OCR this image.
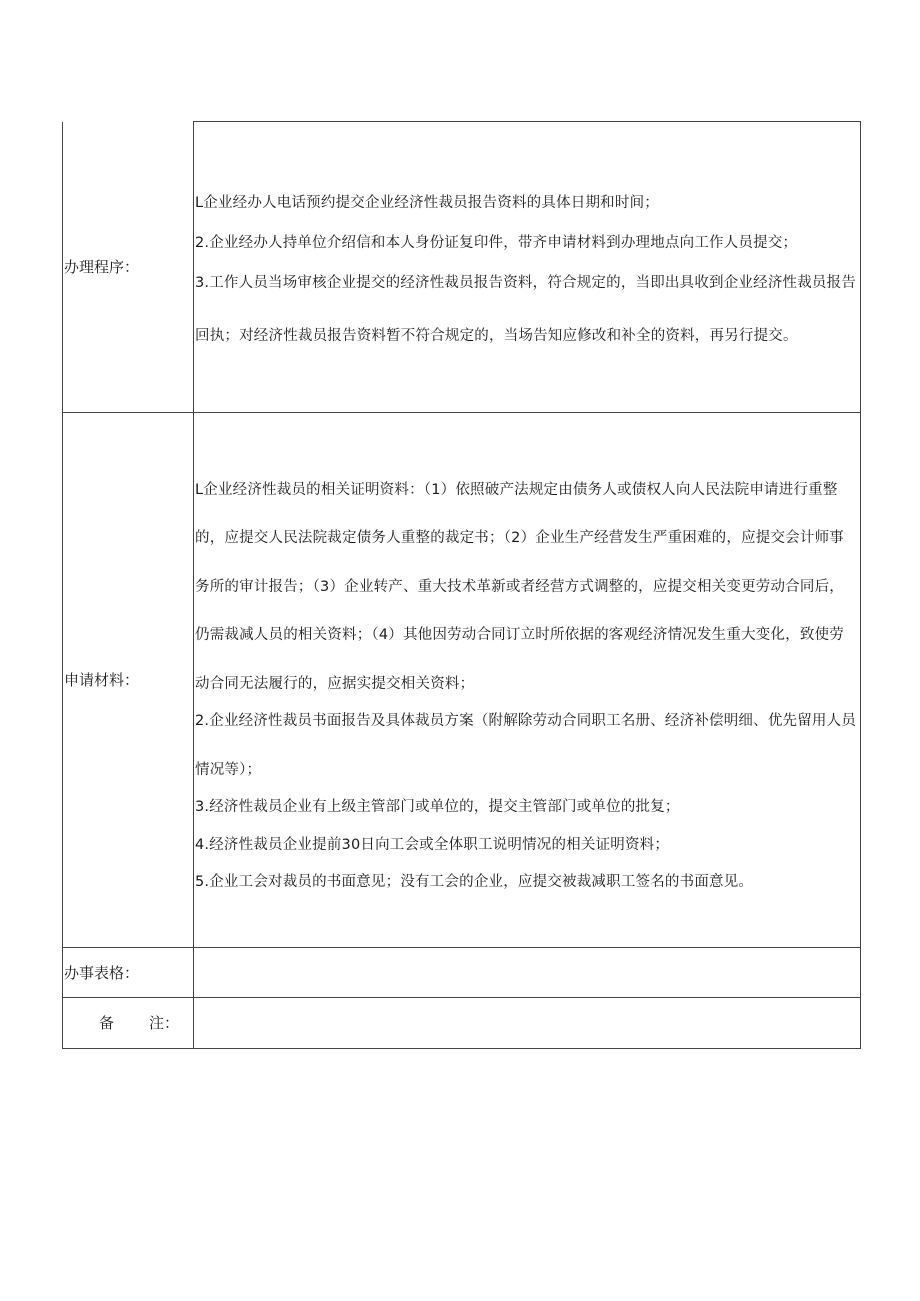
办理程序：	L企业经办人电话预约提交企业经济性裁员报告资料的具体日期和时间；

2.企业经办人持单位介绍信和本人身份证复印件，带齐申请材料到办理地点向工作人员提交；

3.工作人员当场审核企业提交的经济性裁员报告资料，符合规定的，当即出具收到企业经济性裁员报告回执；对经济性裁员报告资料暂不符合规定的，当场告知应修改和补全的资料，再另行提交。

申请材料：	L企业经济性裁员的相关证明资料：（1）依照破产法规定由债务人或债权人向人民法院申请进行重整的，应提交人民法院裁定债务人重整的裁定书；（2）企业生产经营发生严重困难的，应提交会计师事务所的审计报告；（3）企业转产、重大技术革新或者经营方式调整的，应提交相关变更劳动合同后，仍需裁减人员的相关资料；（4）其他因劳动合同订立时所依据的客观经济情况发生重大变化，致使劳动合同无法履行的，应据实提交相关资料；

2.企业经济性裁员书面报告及具体裁员方案（附解除劳动合同职工名册、经济补偿明细、优先留用人员情况等）；

3.经济性裁员企业有上级主管部门或单位的，提交主管部门或单位的批复；

4.经济性裁员企业提前30日向工会或全体职工说明情况的相关证明资料；

5.企业工会对裁员的书面意见；没有工会的企业，应提交被裁减职工签名的书面意见。

办事表格：	

备 注：	
